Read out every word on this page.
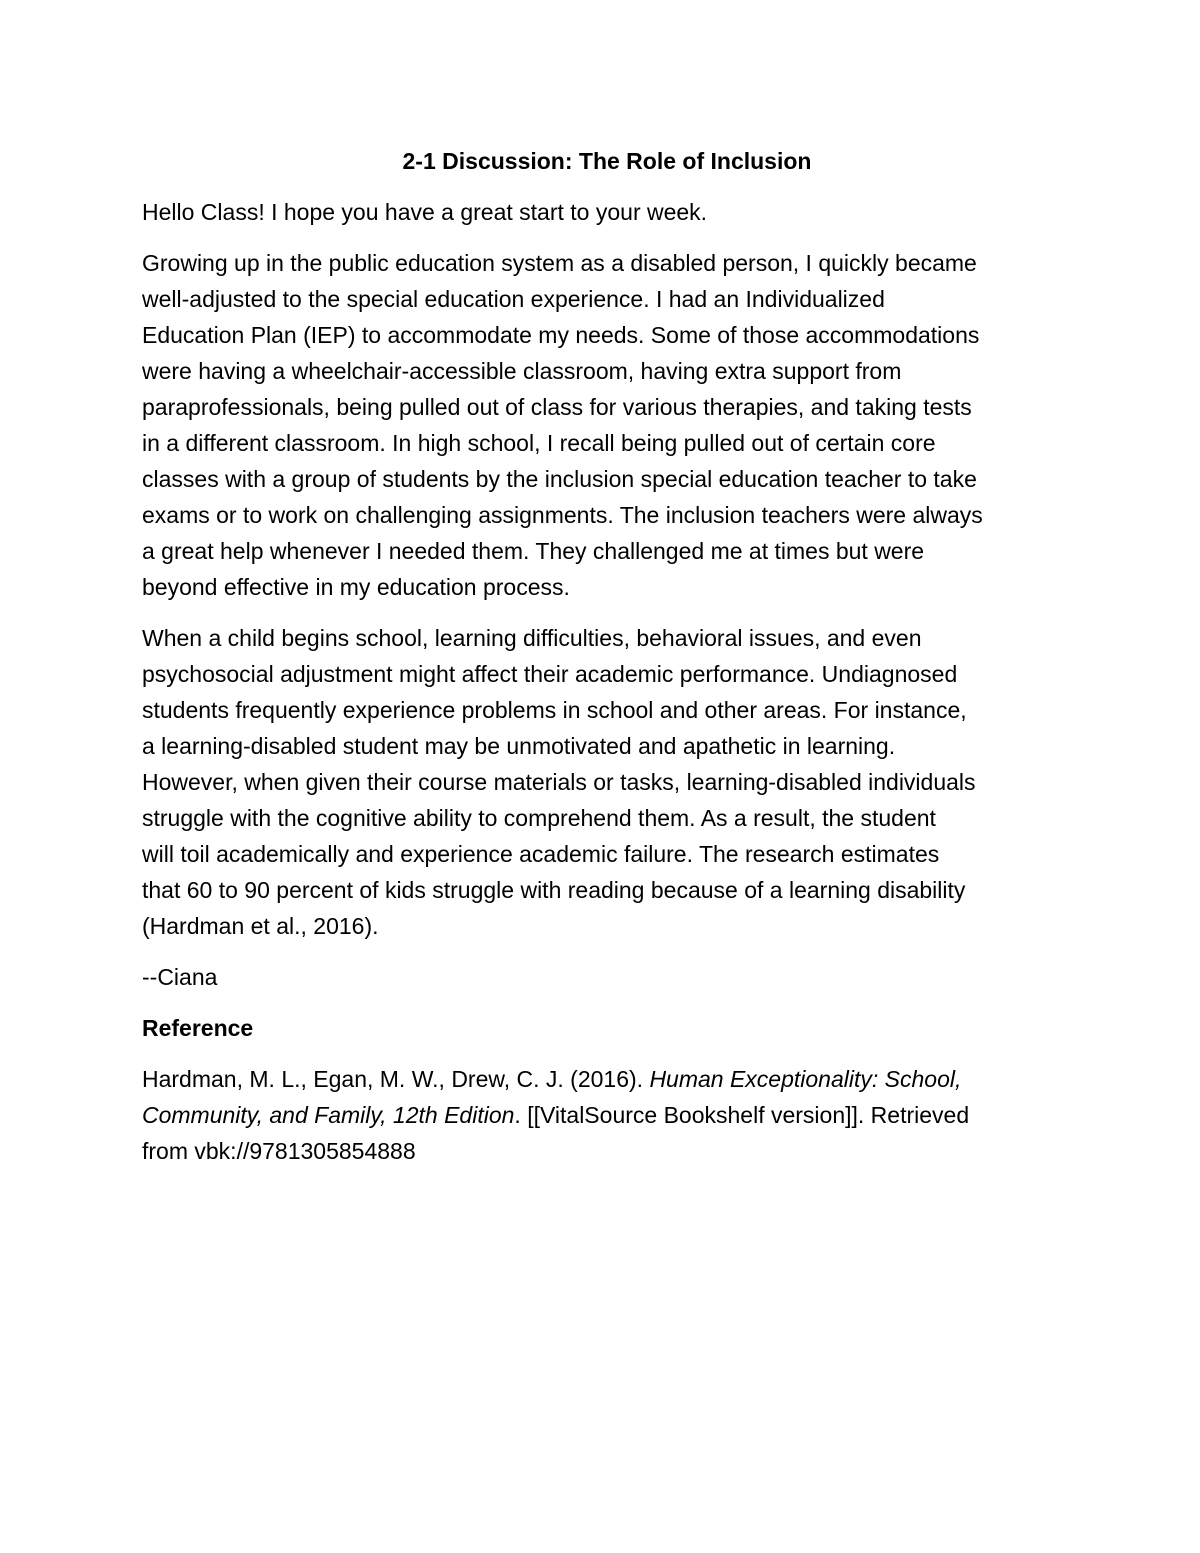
2-1 Discussion: The Role of Inclusion

Hello Class! I hope you have a great start to your week.

Growing up in the public education system as a disabled person, I quickly became
well-adjusted to the special education experience. I had an Individualized
Education Plan (IEP) to accommodate my needs. Some of those accommodations
were having a wheelchair-accessible classroom, having extra support from
paraprofessionals, being pulled out of class for various therapies, and taking tests
in a different classroom. In high school, I recall being pulled out of certain core
classes with a group of students by the inclusion special education teacher to take
exams or to work on challenging assignments. The inclusion teachers were always
a great help whenever I needed them. They challenged me at times but were
beyond effective in my education process.

When a child begins school, learning difficulties, behavioral issues, and even
psychosocial adjustment might affect their academic performance. Undiagnosed
students frequently experience problems in school and other areas. For instance,
a learning-disabled student may be unmotivated and apathetic in learning.
However, when given their course materials or tasks, learning-disabled individuals
struggle with the cognitive ability to comprehend them. As a result, the student
will toil academically and experience academic failure. The research estimates
that 60 to 90 percent of kids struggle with reading because of a learning disability
(Hardman et al., 2016).

--Ciana

Reference

Hardman, M. L., Egan, M. W., Drew, C. J. (2016). Human Exceptionality: School,
Community, and Family, 12th Edition. [[VitalSource Bookshelf version]]. Retrieved
from vbk://9781305854888
